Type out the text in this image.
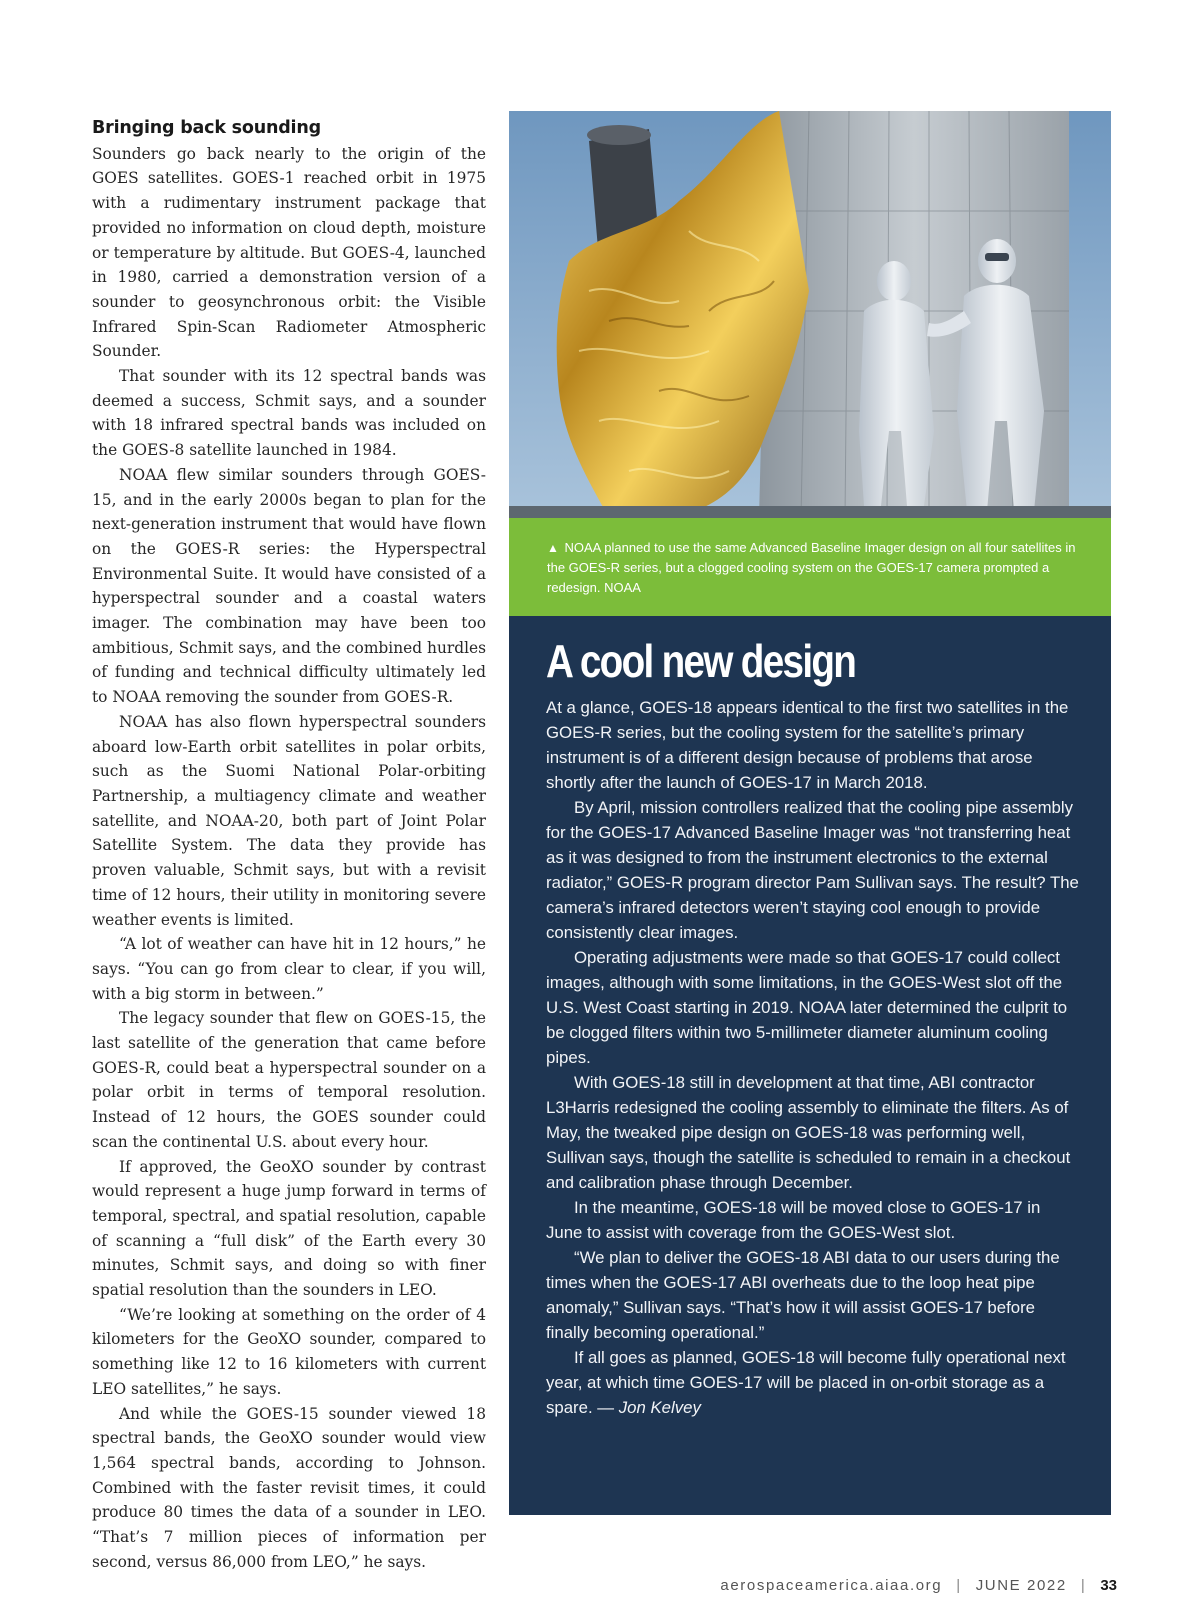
Bringing back sounding

Sounders go back nearly to the origin of the GOES satellites. GOES-1 reached orbit in 1975 with a rudimentary instrument package that provided no information on cloud depth, moisture or temperature by altitude. But GOES-4, launched in 1980, carried a demonstration version of a sounder to geosynchronous orbit: the Visible Infrared Spin-Scan Radiometer Atmospheric Sounder.

That sounder with its 12 spectral bands was deemed a success, Schmit says, and a sounder with 18 infrared spectral bands was included on the GOES-8 satellite launched in 1984.

NOAA flew similar sounders through GOES-15, and in the early 2000s began to plan for the next-generation instrument that would have flown on the GOES-R series: the Hyperspectral Environmental Suite. It would have consisted of a hyperspectral sounder and a coastal waters imager. The combination may have been too ambitious, Schmit says, and the combined hurdles of funding and technical difficulty ultimately led to NOAA removing the sounder from GOES-R.

NOAA has also flown hyperspectral sounders aboard low-Earth orbit satellites in polar orbits, such as the Suomi National Polar-orbiting Partnership, a multiagency climate and weather satellite, and NOAA-20, both part of Joint Polar Satellite System. The data they provide has proven valuable, Schmit says, but with a revisit time of 12 hours, their utility in monitoring severe weather events is limited.

“A lot of weather can have hit in 12 hours,” he says. “You can go from clear to clear, if you will, with a big storm in between.”

The legacy sounder that flew on GOES-15, the last satellite of the generation that came before GOES-R, could beat a hyperspectral sounder on a polar orbit in terms of temporal resolution. Instead of 12 hours, the GOES sounder could scan the continental U.S. about every hour.

If approved, the GeoXO sounder by contrast would represent a huge jump forward in terms of temporal, spectral, and spatial resolution, capable of scanning a “full disk” of the Earth every 30 minutes, Schmit says, and doing so with finer spatial resolution than the sounders in LEO.

“We’re looking at something on the order of 4 kilometers for the GeoXO sounder, compared to something like 12 to 16 kilometers with current LEO satellites,” he says.

And while the GOES-15 sounder viewed 18 spectral bands, the GeoXO sounder would view 1,564 spectral bands, according to Johnson. Combined with the faster revisit times, it could produce 80 times the data of a sounder in LEO. “That’s 7 million pieces of information per second, versus 86,000 from LEO,” he says.

▲ NOAA planned to use the same Advanced Baseline Imager design on all four satellites in the GOES-R series, but a clogged cooling system on the GOES-17 camera prompted a redesign. NOAA
A cool new design

At a glance, GOES-18 appears identical to the first two satellites in the GOES-R series, but the cooling system for the satellite’s primary instrument is of a different design because of problems that arose shortly after the launch of GOES-17 in March 2018.

By April, mission controllers realized that the cooling pipe assembly for the GOES-17 Advanced Baseline Imager was “not transferring heat as it was designed to from the instrument electronics to the external radiator,” GOES-R program director Pam Sullivan says. The result? The camera’s infrared detectors weren’t staying cool enough to provide consistently clear images.

Operating adjustments were made so that GOES-17 could collect images, although with some limitations, in the GOES-West slot off the U.S. West Coast starting in 2019. NOAA later determined the culprit to be clogged filters within two 5-millimeter diameter aluminum cooling pipes.

With GOES-18 still in development at that time, ABI contractor L3Harris redesigned the cooling assembly to eliminate the filters. As of May, the tweaked pipe design on GOES-18 was performing well, Sullivan says, though the satellite is scheduled to remain in a checkout and calibration phase through December.

In the meantime, GOES-18 will be moved close to GOES-17 in June to assist with coverage from the GOES-West slot.

“We plan to deliver the GOES-18 ABI data to our users during the times when the GOES-17 ABI overheats due to the loop heat pipe anomaly,” Sullivan says. “That’s how it will assist GOES-17 before finally becoming operational.”

If all goes as planned, GOES-18 will become fully operational next year, at which time GOES-17 will be placed in on-orbit storage as a spare. — Jon Kelvey

aerospaceamerica.aiaa.org | JUNE 2022 | 33
